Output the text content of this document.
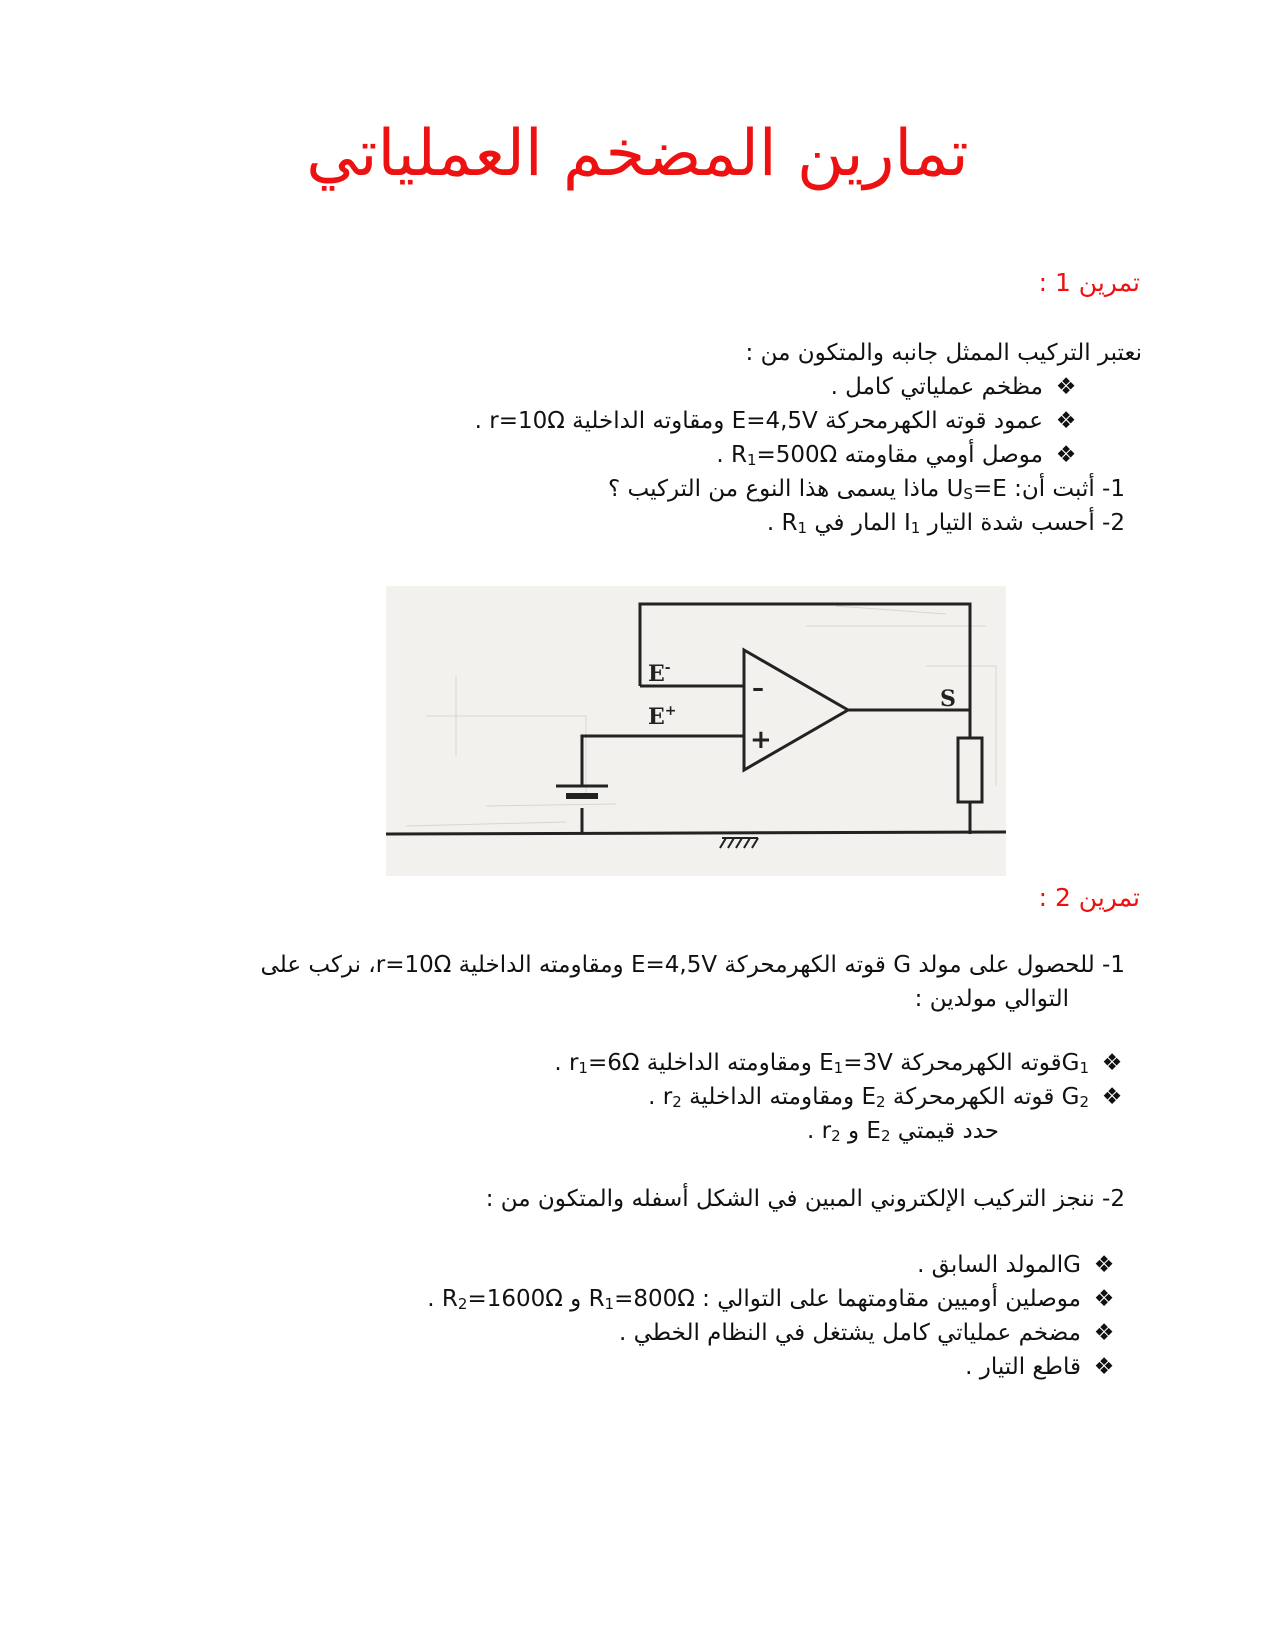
تمارين المضخم العملياتي
تمرين 1 :
نعتبر التركيب الممثل جانبه والمتكون من :
❖مظخم عملياتي كامل .
❖عمود قوته الكهرمحركة E=4,5V ومقاوته الداخلية r=10Ω .
❖موصل أومي مقاومته $R_1=500\Omega$ .
1- أثبت أن: $U_S=E$ ماذا يسمى هذا النوع من التركيب ؟
2- أحسب شدة التيار $I_1$ المار في $R_1$ .
E-
E+
–
+
S
تمرين 2 :
1- للحصول على مولد G قوته الكهرمحركة E=4,5V ومقاومته الداخلية r=10Ω، نركب على
التوالي مولدين :
$❖G_1قوته$ الكهرمحركة $E_1=3V$ ومقاومته الداخلية $r_1=6\Omega$ .
$❖G_2$ قوته الكهرمحركة $E_2$ ومقاومته الداخلية $r_2$ .
حدد قيمتي $E_2$ و $r_2$ .
2- ننجز التركيب الإلكتروني المبين في الشكل أسفله والمتكون من :
❖Gالمولد السابق .
❖موصلين أوميين مقاومتهما على التوالي : $R_1=800\Omega$ و $R_2=1600\Omega$ .
❖مضخم عملياتي كامل يشتغل في النظام الخطي .
❖قاطع التيار .
